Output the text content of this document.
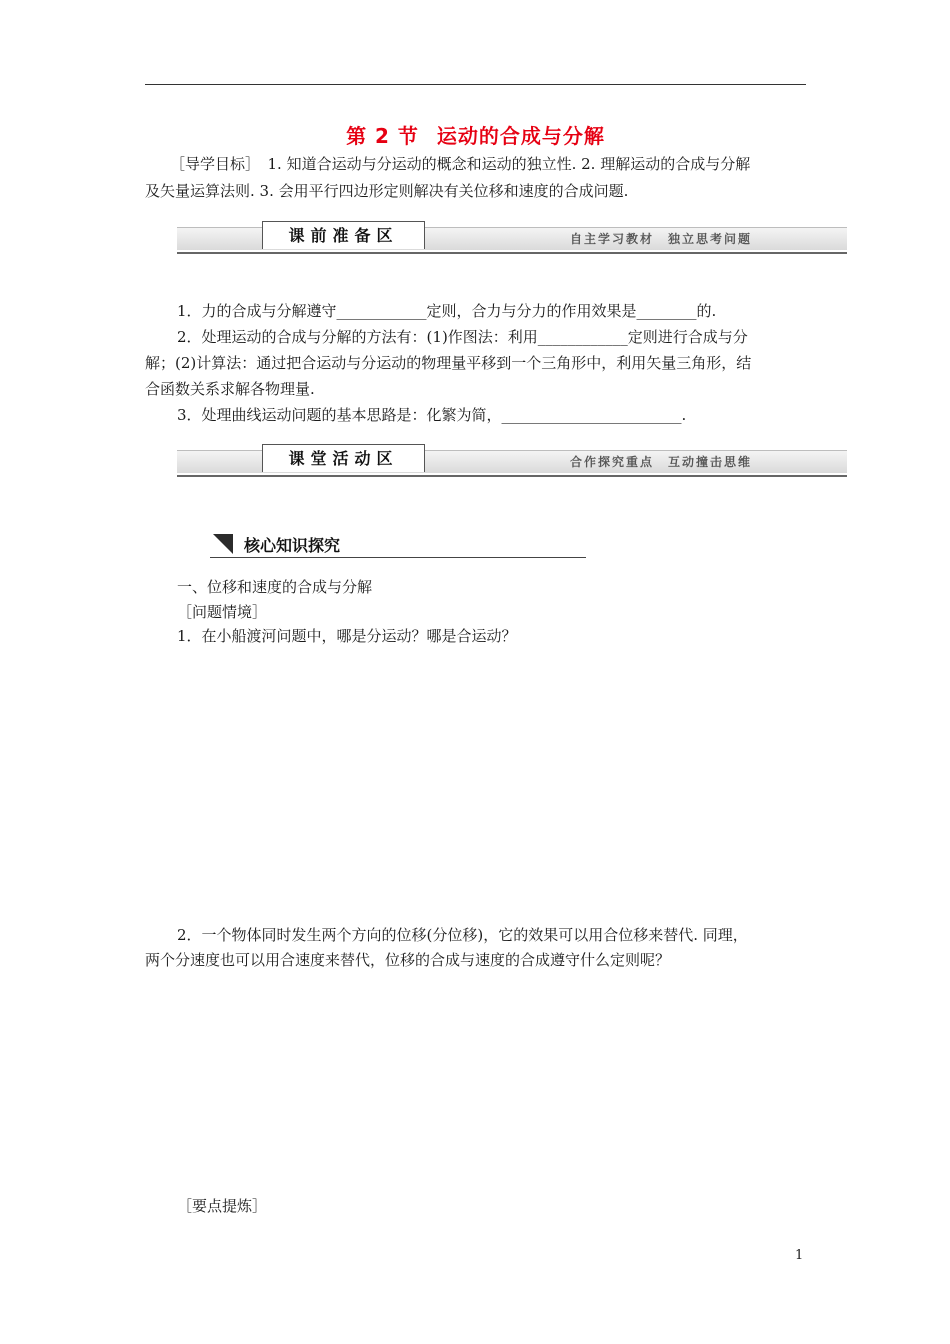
第 2 节 运动的合成与分解
［导学目标］　1. 知道合运动与分运动的概念和运动的独立性. 2. 理解运动的合成与分解
及矢量运算法则. 3. 会用平行四边形定则解决有关位移和速度的合成问题.
课前准备区	自主学习教材　独立思考问题
1．力的合成与分解遵守____________定则，合力与分力的作用效果是________的.
2．处理运动的合成与分解的方法有：(1)作图法：利用____________定则进行合成与分
解；(2)计算法：通过把合运动与分运动的物理量平移到一个三角形中，利用矢量三角形，结
合函数关系求解各物理量.
3．处理曲线运动问题的基本思路是：化繁为简，________________________.
课堂活动区	合作探究重点　互动撞击思维
核心知识探究
一、位移和速度的合成与分解
［问题情境］
1．在小船渡河问题中，哪是分运动？哪是合运动？
2．一个物体同时发生两个方向的位移(分位移)，它的效果可以用合位移来替代. 同理，
两个分速度也可以用合速度来替代，位移的合成与速度的合成遵守什么定则呢？
［要点提炼］
1
